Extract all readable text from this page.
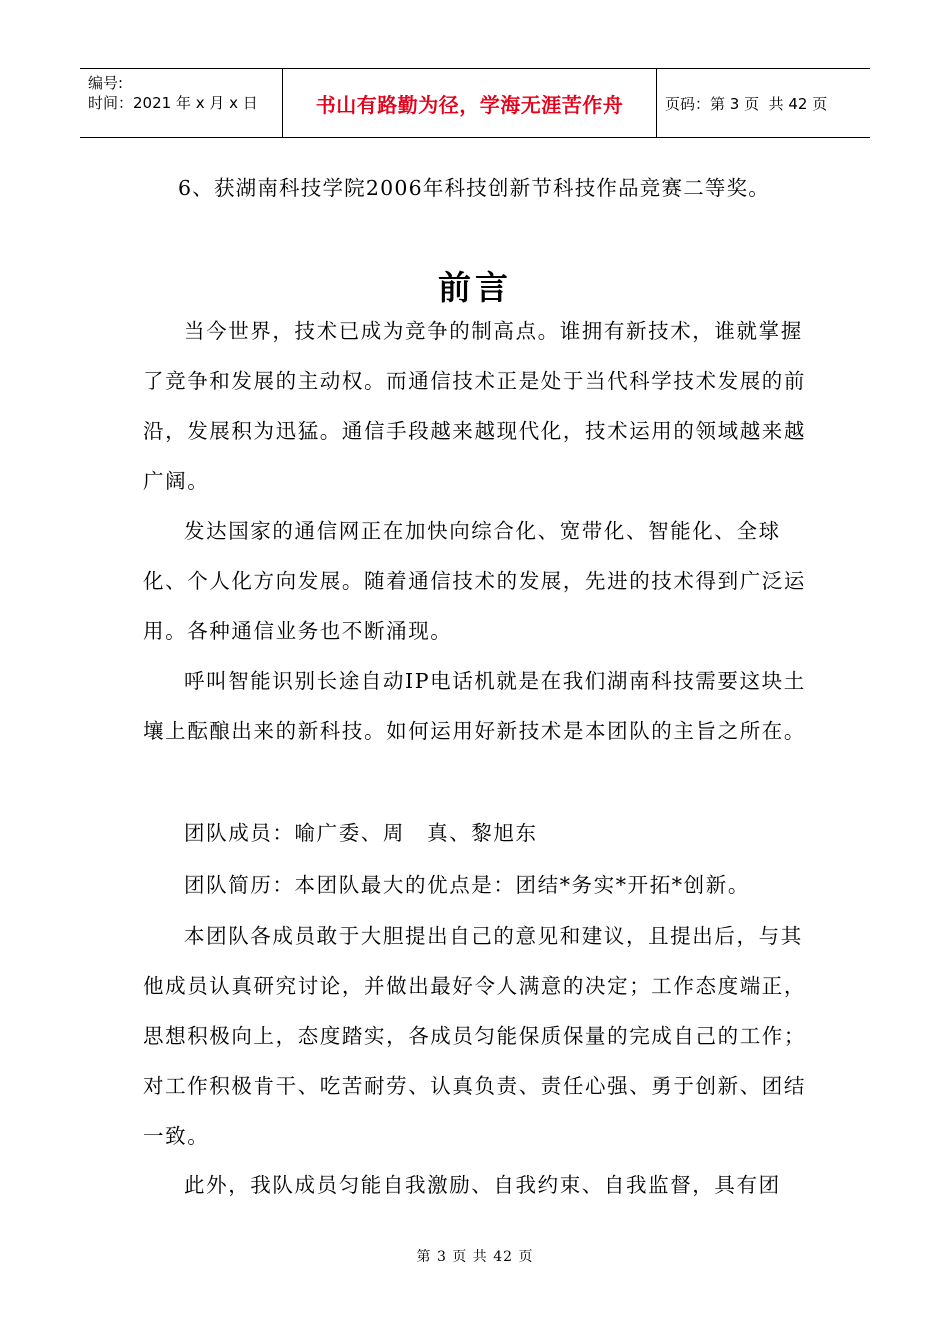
编号:
时间：2021 年 x 月 x 日	书山有路勤为径，学海无涯苦作舟	页码：第 3 页  共 42 页
6、获湖南科技学院2006年科技创新节科技作品竞赛二等奖。
前言

当今世界，技术已成为竞争的制高点。谁拥有新技术，谁就掌握了竞争和发展的主动权。而通信技术正是处于当代科学技术发展的前沿，发展积为迅猛。通信手段越来越现代化，技术运用的领域越来越广阔。

发达国家的通信网正在加快向综合化、宽带化、智能化、全球化、个人化方向发展。随着通信技术的发展，先进的技术得到广泛运用。各种通信业务也不断涌现。

呼叫智能识别长途自动IP电话机就是在我们湖南科技需要这块土壤上酝酿出来的新科技。如何运用好新技术是本团队的主旨之所在。

团队成员：喻广委、周　真、黎旭东

团队简历：本团队最大的优点是：团结*务实*开拓*创新。

本团队各成员敢于大胆提出自己的意见和建议，且提出后，与其他成员认真研究讨论，并做出最好令人满意的决定；工作态度端正，思想积极向上，态度踏实，各成员匀能保质保量的完成自己的工作；对工作积极肯干、吃苦耐劳、认真负责、责任心强、勇于创新、团结一致。

此外，我队成员匀能自我激励、自我约束、自我监督，具有团

第 3 页 共 42 页
